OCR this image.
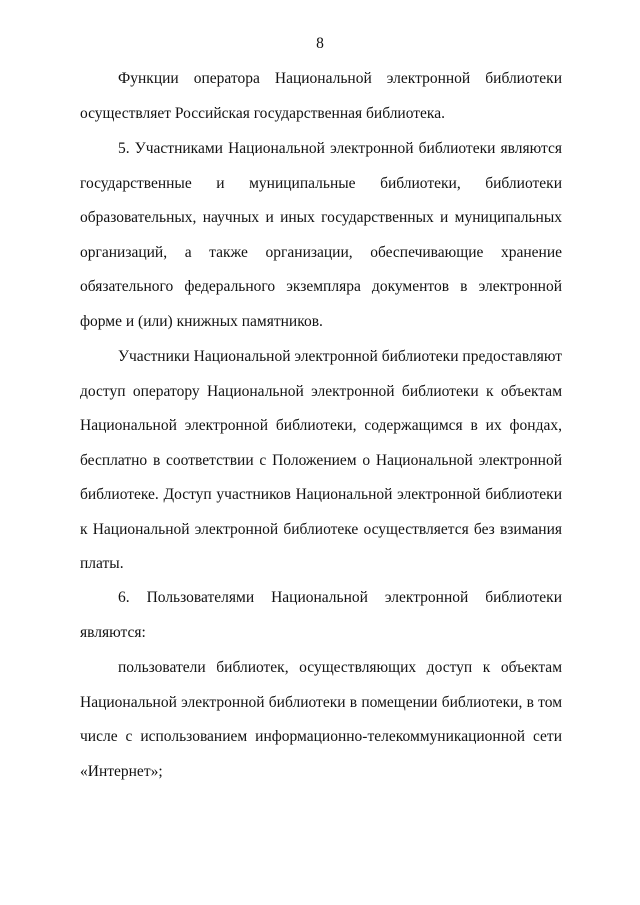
8

Функции оператора Национальной электронной библиотеки осуществляет Российская государственная библиотека.

5. Участниками Национальной электронной библиотеки являются государственные и муниципальные библиотеки, библиотеки образовательных, научных и иных государственных и муниципальных организаций, а также организации, обеспечивающие хранение обязательного федерального экземпляра документов в электронной форме и (или) книжных памятников.

Участники Национальной электронной библиотеки предоставляют доступ оператору Национальной электронной библиотеки к объектам Национальной электронной библиотеки, содержащимся в их фондах, бесплатно в соответствии с Положением о Национальной электронной библиотеке. Доступ участников Национальной электронной библиотеки к Национальной электронной библиотеке осуществляется без взимания платы.

6. Пользователями Национальной электронной библиотеки являются:

пользователи библиотек, осуществляющих доступ к объектам Национальной электронной библиотеки в помещении библиотеки, в том числе с использованием информационно-телекоммуникационной сети «Интернет»;
